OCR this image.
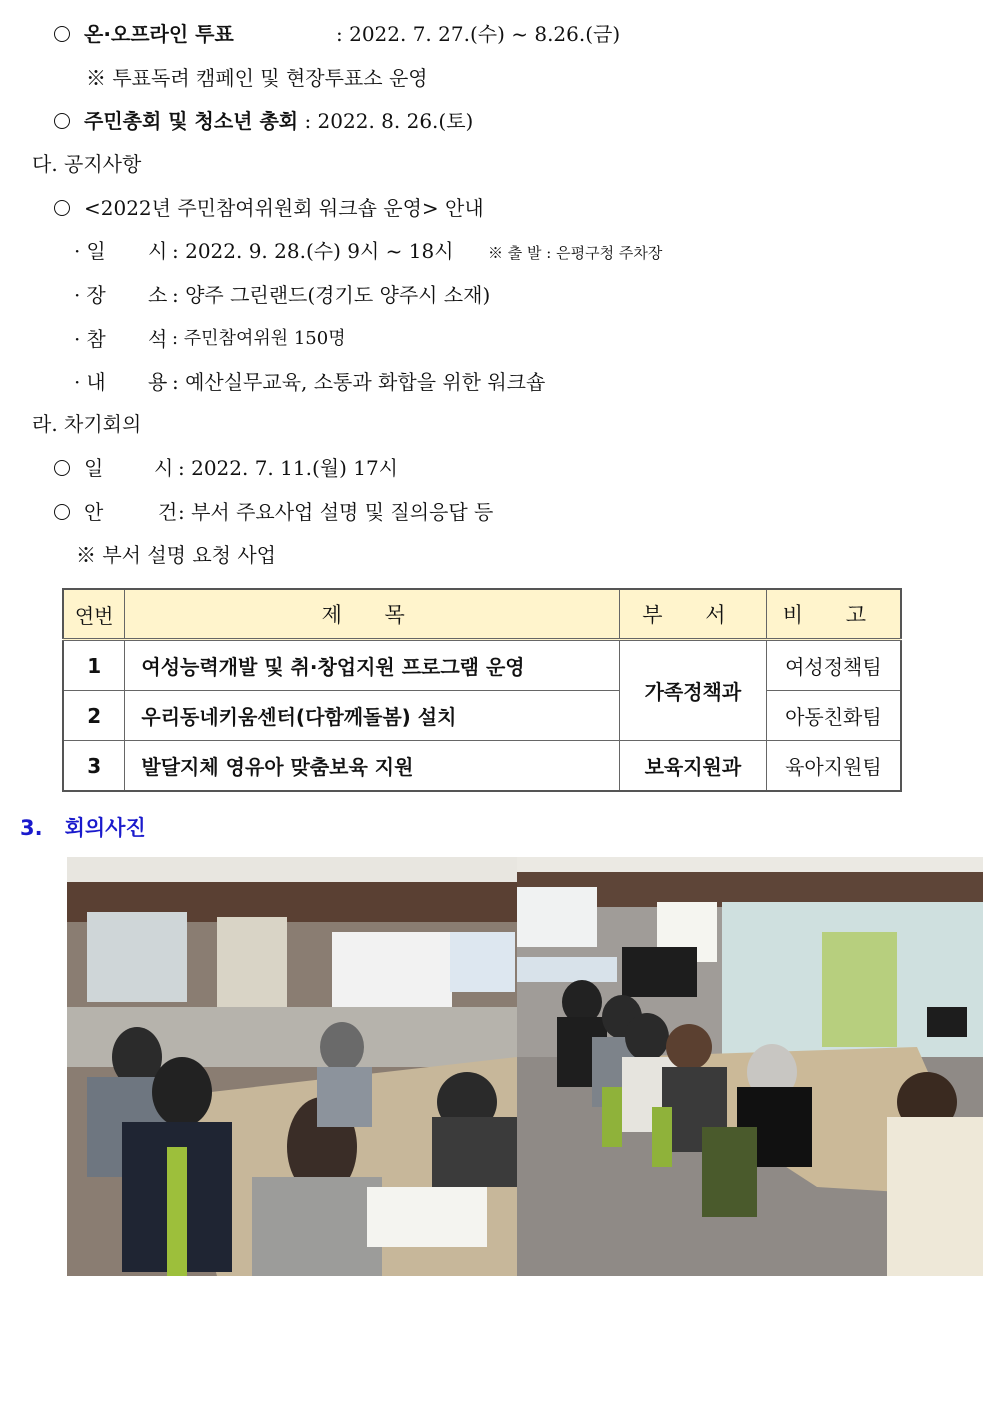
온·오프라인 투표	: 2022. 7. 27.(수) ~ 8.26.(금)
※ 투표독려 캠페인 및 현장투표소 운영
주민총회 및 청소년 총회 : 2022. 8. 26.(토)
다. 공지사항
<2022년 주민참여위원회 워크숍 운영> 안내
· 일 시 : 2022. 9. 28.(수) 9시 ~ 18시 ※ 출 발 : 은평구청 주차장
· 장 소 : 양주 그린랜드(경기도 양주시 소재)
· 참 석 : 주민참여위원 150명
· 내 용 : 예산실무교육, 소통과 화합을 위한 워크숍
라. 차기회의
일	시 : 2022. 7. 11.(월) 17시
안	건 : 부서 주요사업 설명 및 질의응답 등
※ 부서 설명 요청 사업
연번	제 목	부 서	비 고
1	여성능력개발 및 취·창업지원 프로그램 운영	가족정책과	여성정책팀
2	우리동네키움센터(다함께돌봄) 설치		아동친화팀
3	발달지체 영유아 맞춤보육 지원	보육지원과	육아지원팀
3. 회의사진
